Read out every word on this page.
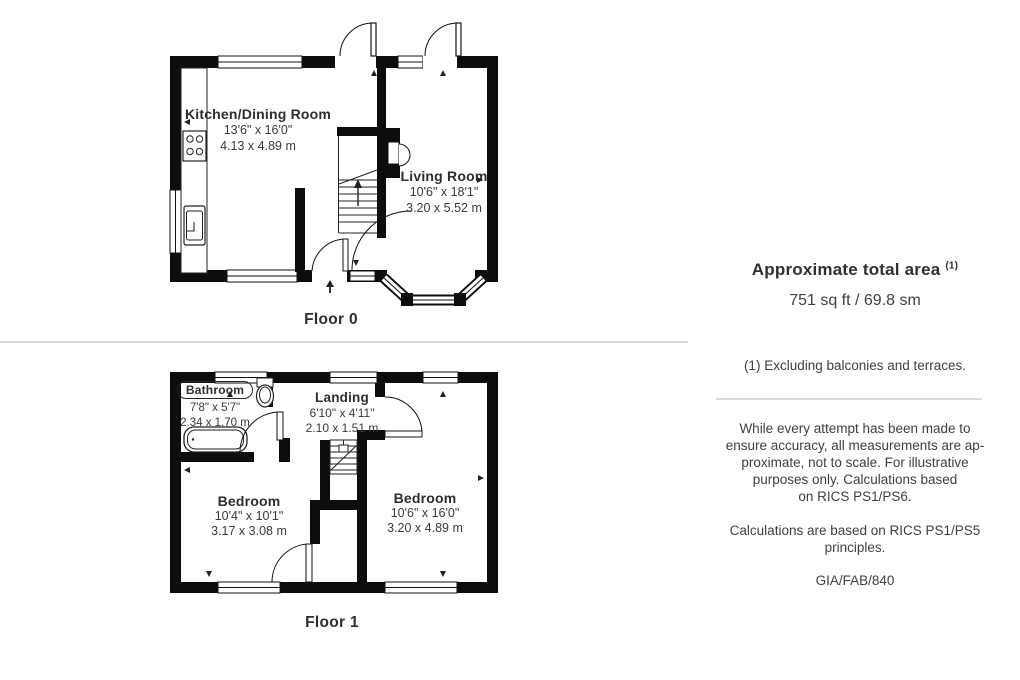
Kitchen/Dining Room
13'6" x 16'0"
4.13 x 4.89 m
Living Room
10'6" x 18'1"
3.20 x 5.52 m
Floor 0
Bathroom
7'8" x 5'7"
2.34 x 1.70 m
Landing
6'10" x 4'11"
2.10 x 1.51 m
Bedroom
10'4" x 10'1"
3.17 x 3.08 m
Bedroom
10'6" x 16'0"
3.20 x 4.89 m
Floor 1
Approximate total area $^{(1)}$
751 sq ft / 69.8 sm
(1) Excluding balconies and terraces.
While every attempt has been made to
ensure accuracy, all measurements are ap-
proximate, not to scale. For illustrative
purposes only. Calculations based
on RICS PS1/PS6.
Calculations are based on RICS PS1/PS5
principles.
GIA/FAB/840
